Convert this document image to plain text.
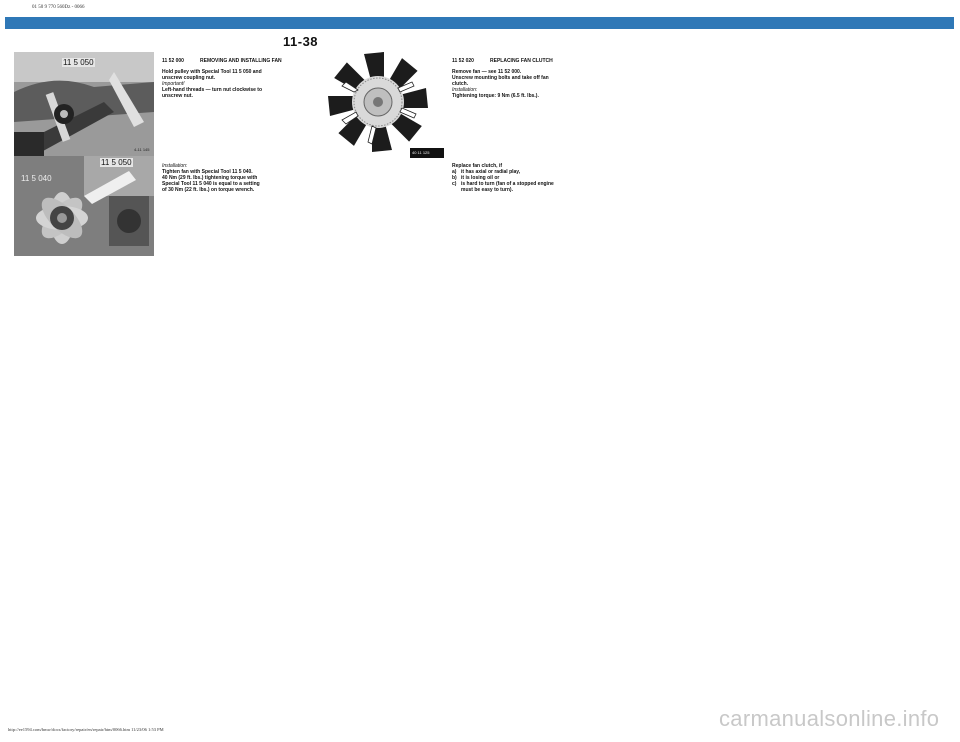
01 50 9 770 560Dz - 0066
11-38
11 5 050
4-11 145
11 5 050
11 5 040
40 11 125
11 52 000	REMOVING AND INSTALLING FAN

Hold pulley with Special Tool 11 5 050 and

unscrew coupling nut.

Important!

Left-hand threads — turn nut clockwise to

unscrew nut.

Installation:

Tighten fan with Special Tool 11 5 040.

40 Nm (29 ft. lbs.) tightening torque with

Special Tool 11 5 040 is equal to a setting

of 30 Nm (22 ft. lbs.) on torque wrench.

11 52 020	REPLACING FAN CLUTCH

Remove fan — see 11 52 000.

Unscrew mounting bolts and take off fan

clutch.

Installation:

Tightening torque: 9 Nm (6.5 ft. lbs.).

Replace fan clutch, if

a) it has axial or radial play,
b) it is losing oil or
c) is hard to turn (fan of a stopped engine
must be easy to turn).
http://ee1594.com/bmw/docs/factory/repair/en/repair/htm/0066.htm 11/23/06 1:53 PM	carmanualsonline.info
